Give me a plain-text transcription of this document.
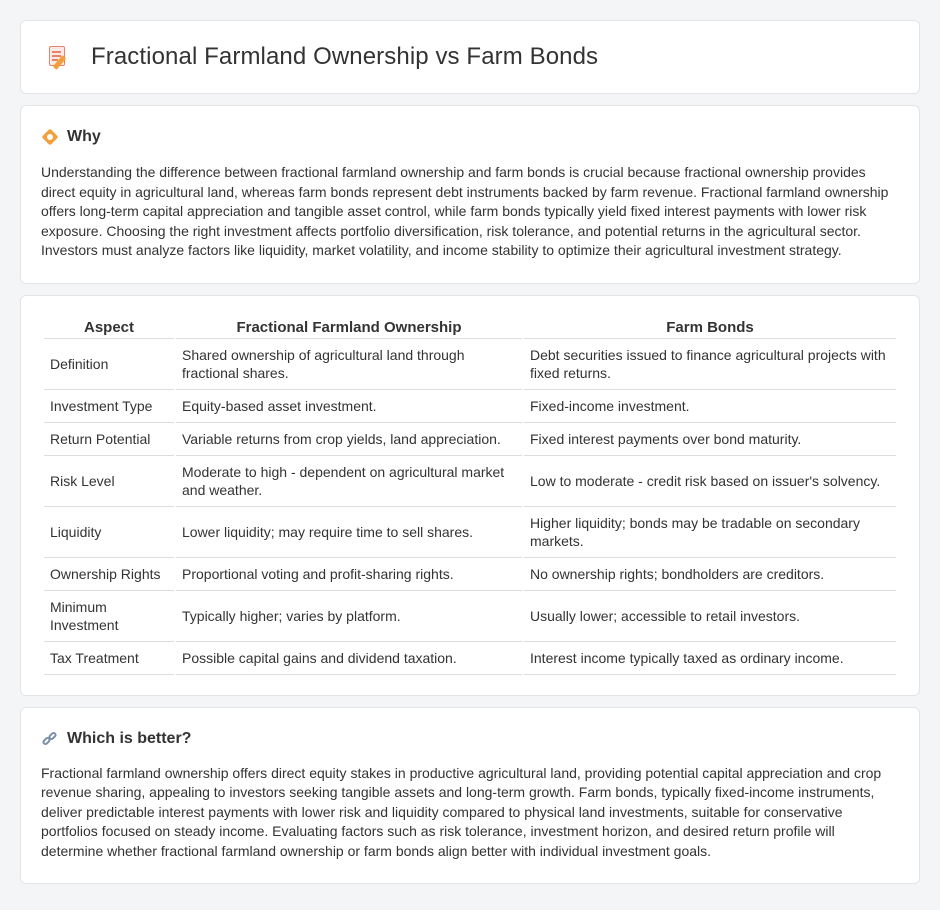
Fractional Farmland Ownership vs Farm Bonds
Why

Understanding the difference between fractional farmland ownership and farm bonds is crucial because fractional ownership provides direct equity in agricultural land, whereas farm bonds represent debt instruments backed by farm revenue. Fractional farmland ownership offers long-term capital appreciation and tangible asset control, while farm bonds typically yield fixed interest payments with lower risk exposure. Choosing the right investment affects portfolio diversification, risk tolerance, and potential returns in the agricultural sector. Investors must analyze factors like liquidity, market volatility, and income stability to optimize their agricultural investment strategy.

Aspect	Fractional Farmland Ownership	Farm Bonds
Definition	Shared ownership of agricultural land through fractional shares.	Debt securities issued to finance agricultural projects with fixed returns.
Investment Type	Equity-based asset investment.	Fixed-income investment.
Return Potential	Variable returns from crop yields, land appreciation.	Fixed interest payments over bond maturity.
Risk Level	Moderate to high - dependent on agricultural market and weather.	Low to moderate - credit risk based on issuer's solvency.
Liquidity	Lower liquidity; may require time to sell shares.	Higher liquidity; bonds may be tradable on secondary markets.
Ownership Rights	Proportional voting and profit-sharing rights.	No ownership rights; bondholders are creditors.
Minimum Investment	Typically higher; varies by platform.	Usually lower; accessible to retail investors.
Tax Treatment	Possible capital gains and dividend taxation.	Interest income typically taxed as ordinary income.
Which is better?

Fractional farmland ownership offers direct equity stakes in productive agricultural land, providing potential capital appreciation and crop revenue sharing, appealing to investors seeking tangible assets and long-term growth. Farm bonds, typically fixed-income instruments, deliver predictable interest payments with lower risk and liquidity compared to physical land investments, suitable for conservative portfolios focused on steady income. Evaluating factors such as risk tolerance, investment horizon, and desired return profile will determine whether fractional farmland ownership or farm bonds align better with individual investment goals.
